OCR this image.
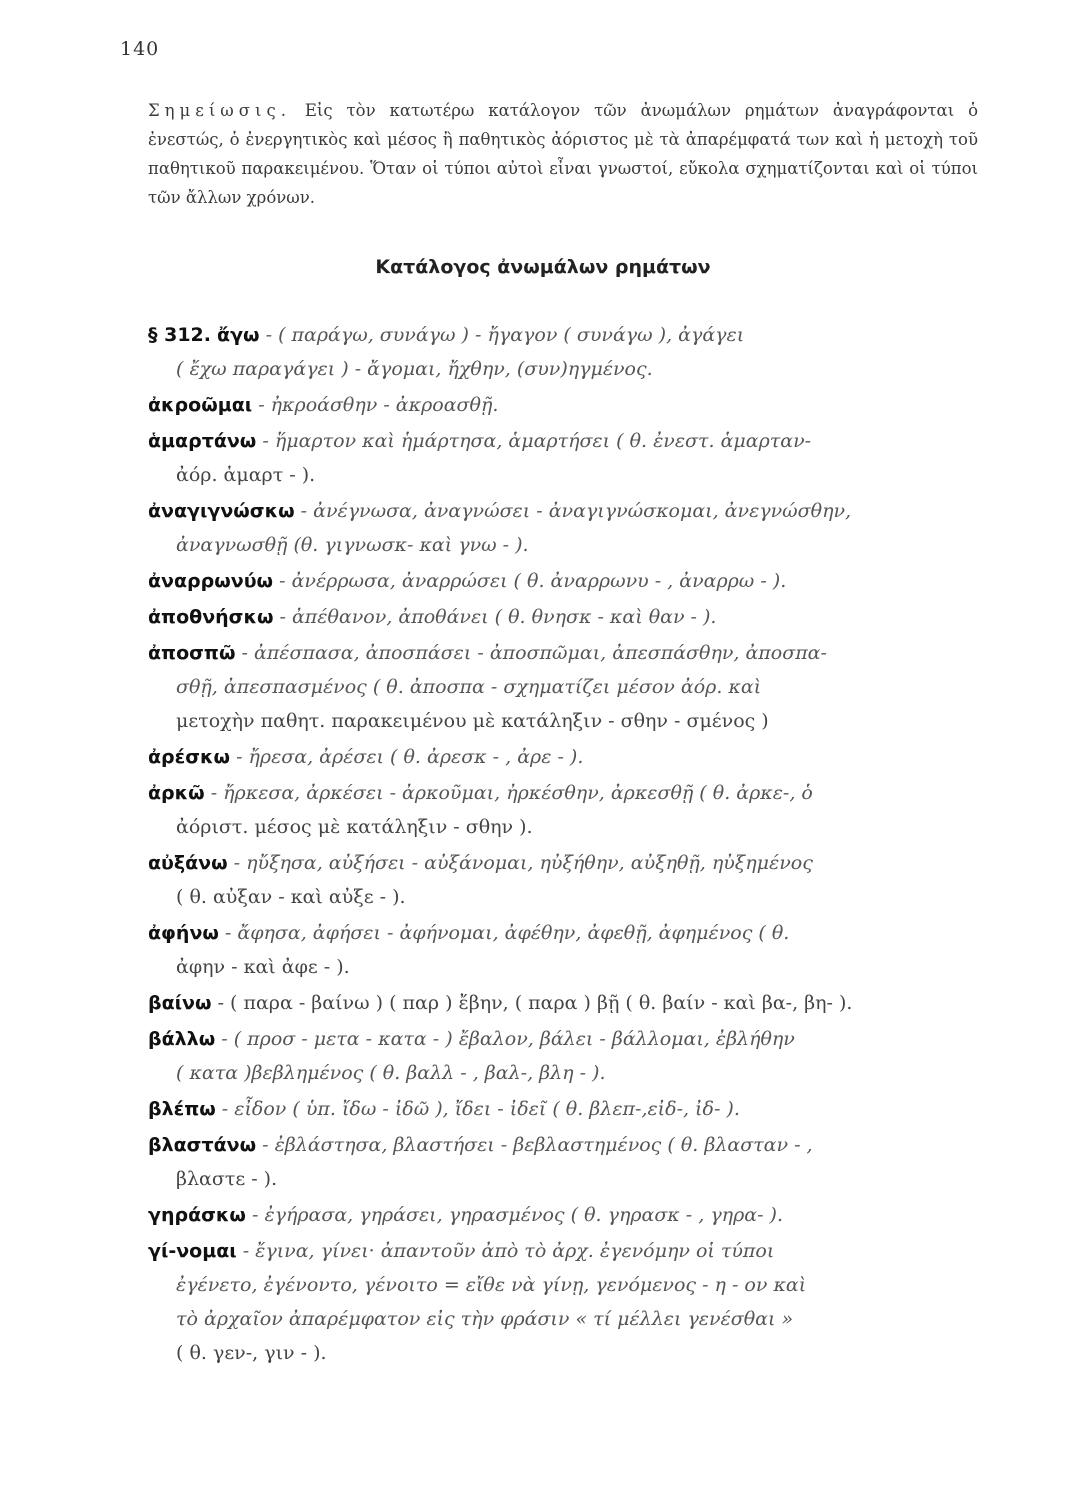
140
Σημείωσις. Εἰς τὸν κατωτέρω κατάλογον τῶν ἀνωμάλων ρημάτων ἀναγράφονται ὁ ἐνεστώς, ὁ ἐνεργητικὸς καὶ μέσος ἢ παθητικὸς ἀόριστος μὲ τὰ ἀπαρέμφατά των καὶ ἡ μετοχὴ τοῦ παθητικοῦ παρακειμένου. Ὅταν οἱ τύποι αὐτοὶ εἶναι γνωστοί, εὔκολα σχηματίζονται καὶ οἱ τύποι τῶν ἄλλων χρόνων.
Κατάλογος ἀνωμάλων ρημάτων
§ 312. ἄγω - ( παράγω, συνάγω ) - ἤγαγον ( συνάγω ), ἀγάγει
( ἔχω παραγάγει ) - ἄγομαι, ἤχθην, (συν)ηγμένος.
ἀκροῶμαι - ἠκροάσθην - ἀκροασθῇ.
ἁμαρτάνω - ἥμαρτον καὶ ἡμάρτησα, ἁμαρτήσει ( θ. ἐνεστ. ἁμαρταν-
ἀόρ. ἁμαρτ - ).
ἀναγιγνώσκω - ἀνέγνωσα, ἀναγνώσει - ἀναγιγνώσκομαι, ἀνεγνώσθην,
ἀναγνωσθῇ (θ. γιγνωσκ- καὶ γνω - ).
ἀναρρωνύω - ἀνέρρωσα, ἀναρρώσει ( θ. ἀναρρωνυ - , ἀναρρω - ).
ἀποθνήσκω - ἀπέθανον, ἀποθάνει ( θ. θνησκ - καὶ θαν - ).
ἀποσπῶ - ἀπέσπασα, ἀποσπάσει - ἀποσπῶμαι, ἀπεσπάσθην, ἀποσπα-
σθῇ, ἀπεσπασμένος ( θ. ἀποσπα - σχηματίζει μέσον ἀόρ. καὶ
μετοχὴν παθητ. παρακειμένου μὲ κατάληξιν - σθην - σμένος )
ἀρέσκω - ἤρεσα, ἀρέσει ( θ. ἀρεσκ - , ἀρε - ).
ἀρκῶ - ἤρκεσα, ἀρκέσει - ἀρκοῦμαι, ἠρκέσθην, ἀρκεσθῇ ( θ. ἀρκε-, ὁ
ἀόριστ. μέσος μὲ κατάληξιν - σθην ).
αὐξάνω - ηὔξησα, αὐξήσει - αὐξάνομαι, ηὐξήθην, αὐξηθῇ, ηὐξημένος
( θ. αὐξαν - καὶ αὐξε - ).
ἀφήνω - ἄφησα, ἀφήσει - ἀφήνομαι, ἀφέθην, ἀφεθῇ, ἀφημένος ( θ.
ἀφην - καὶ ἀφε - ).
βαίνω - ( παρα - βαίνω ) ( παρ ) ἔβην, ( παρα ) βῇ ( θ. βαίν - καὶ βα-, βη- ).
βάλλω - ( προσ - μετα - κατα - ) ἔβαλον, βάλει - βάλλομαι, ἐβλήθην
( κατα )βεβλημένος ( θ. βαλλ - , βαλ-, βλη - ).
βλέπω - εἶδον ( ὑπ. ἴδω - ἰδῶ ), ἴδει - ἰδεῖ ( θ. βλεπ-,εἰδ-, ἰδ- ).
βλαστάνω - ἐβλάστησα, βλαστήσει - βεβλαστημένος ( θ. βλασταν - ,
βλαστε - ).
γηράσκω - ἐγήρασα, γηράσει, γηρασμένος ( θ. γηρασκ - , γηρα- ).
γί-νομαι - ἔγινα, γίνει· ἀπαντοῦν ἀπὸ τὸ ἀρχ. ἐγενόμην οἱ τύποι
ἐγένετο, ἐγένοντο, γένοιτο = εἴθε νὰ γίνῃ, γενόμενος - η - ον καὶ
τὸ ἀρχαῖον ἀπαρέμφατον εἰς τὴν φράσιν « τί μέλλει γενέσθαι »
( θ. γεν-, γιν - ).
